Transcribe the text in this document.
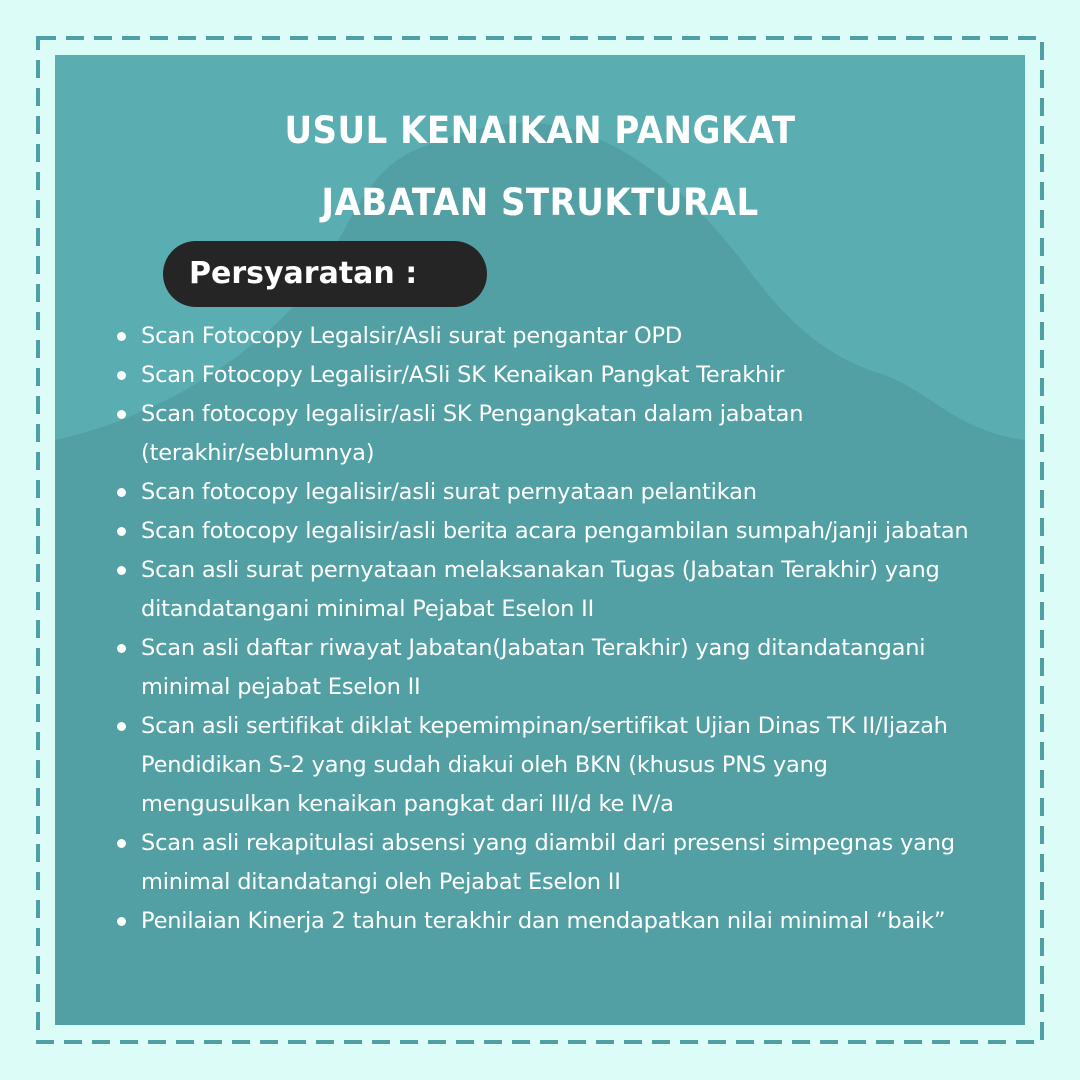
USUL KENAIKAN PANGKAT
JABATAN STRUKTURAL
Persyaratan :
Scan Fotocopy Legalsir/Asli surat pengantar OPD
Scan Fotocopy Legalisir/ASli SK Kenaikan Pangkat Terakhir
Scan fotocopy legalisir/asli SK Pengangkatan dalam jabatan (terakhir/seblumnya)
Scan fotocopy legalisir/asli surat pernyataan pelantikan
Scan fotocopy legalisir/asli berita acara pengambilan sumpah/janji jabatan
Scan asli surat pernyataan melaksanakan Tugas (Jabatan Terakhir) yang ditandatangani minimal Pejabat Eselon II
Scan asli daftar riwayat Jabatan(Jabatan Terakhir) yang ditandatangani minimal pejabat Eselon II
Scan asli sertifikat diklat kepemimpinan/sertifikat Ujian Dinas TK II/Ijazah Pendidikan S-2 yang sudah diakui oleh BKN (khusus PNS yang mengusulkan kenaikan pangkat dari III/d ke IV/a
Scan asli rekapitulasi absensi yang diambil dari presensi simpegnas yang minimal ditandatangi oleh Pejabat Eselon II
Penilaian Kinerja 2 tahun terakhir dan mendapatkan nilai minimal “baik”
